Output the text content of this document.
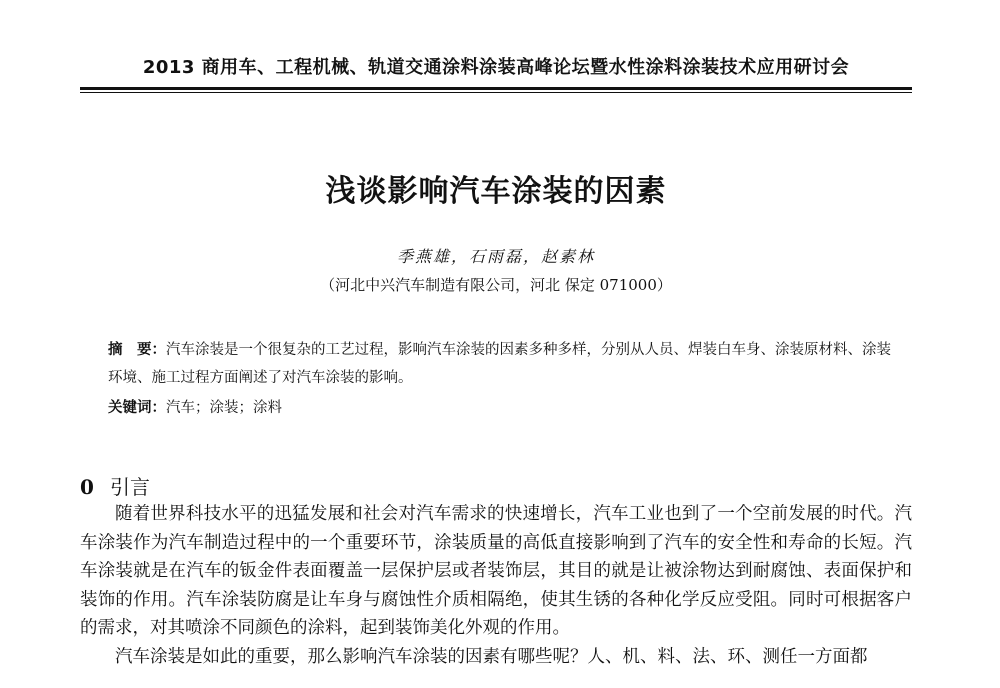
2013 商用车、工程机械、轨道交通涂料涂装高峰论坛暨水性涂料涂装技术应用研讨会
浅谈影响汽车涂装的因素
季燕雄，石雨磊，赵素林
（河北中兴汽车制造有限公司，河北 保定 071000）
摘　要：汽车涂装是一个很复杂的工艺过程，影响汽车涂装的因素多种多样，分别从人员、焊装白车身、涂装原材料、涂装环境、施工过程方面阐述了对汽车涂装的影响。
关键词：汽车；涂装；涂料
0 引言

随着世界科技水平的迅猛发展和社会对汽车需求的快速增长，汽车工业也到了一个空前发展的时代。汽车涂装作为汽车制造过程中的一个重要环节，涂装质量的高低直接影响到了汽车的安全性和寿命的长短。汽车涂装就是在汽车的钣金件表面覆盖一层保护层或者装饰层，其目的就是让被涂物达到耐腐蚀、表面保护和装饰的作用。汽车涂装防腐是让车身与腐蚀性介质相隔绝，使其生锈的各种化学反应受阻。同时可根据客户的需求，对其喷涂不同颜色的涂料，起到装饰美化外观的作用。

汽车涂装是如此的重要，那么影响汽车涂装的因素有哪些呢？人、机、料、法、环、测任一方面都
